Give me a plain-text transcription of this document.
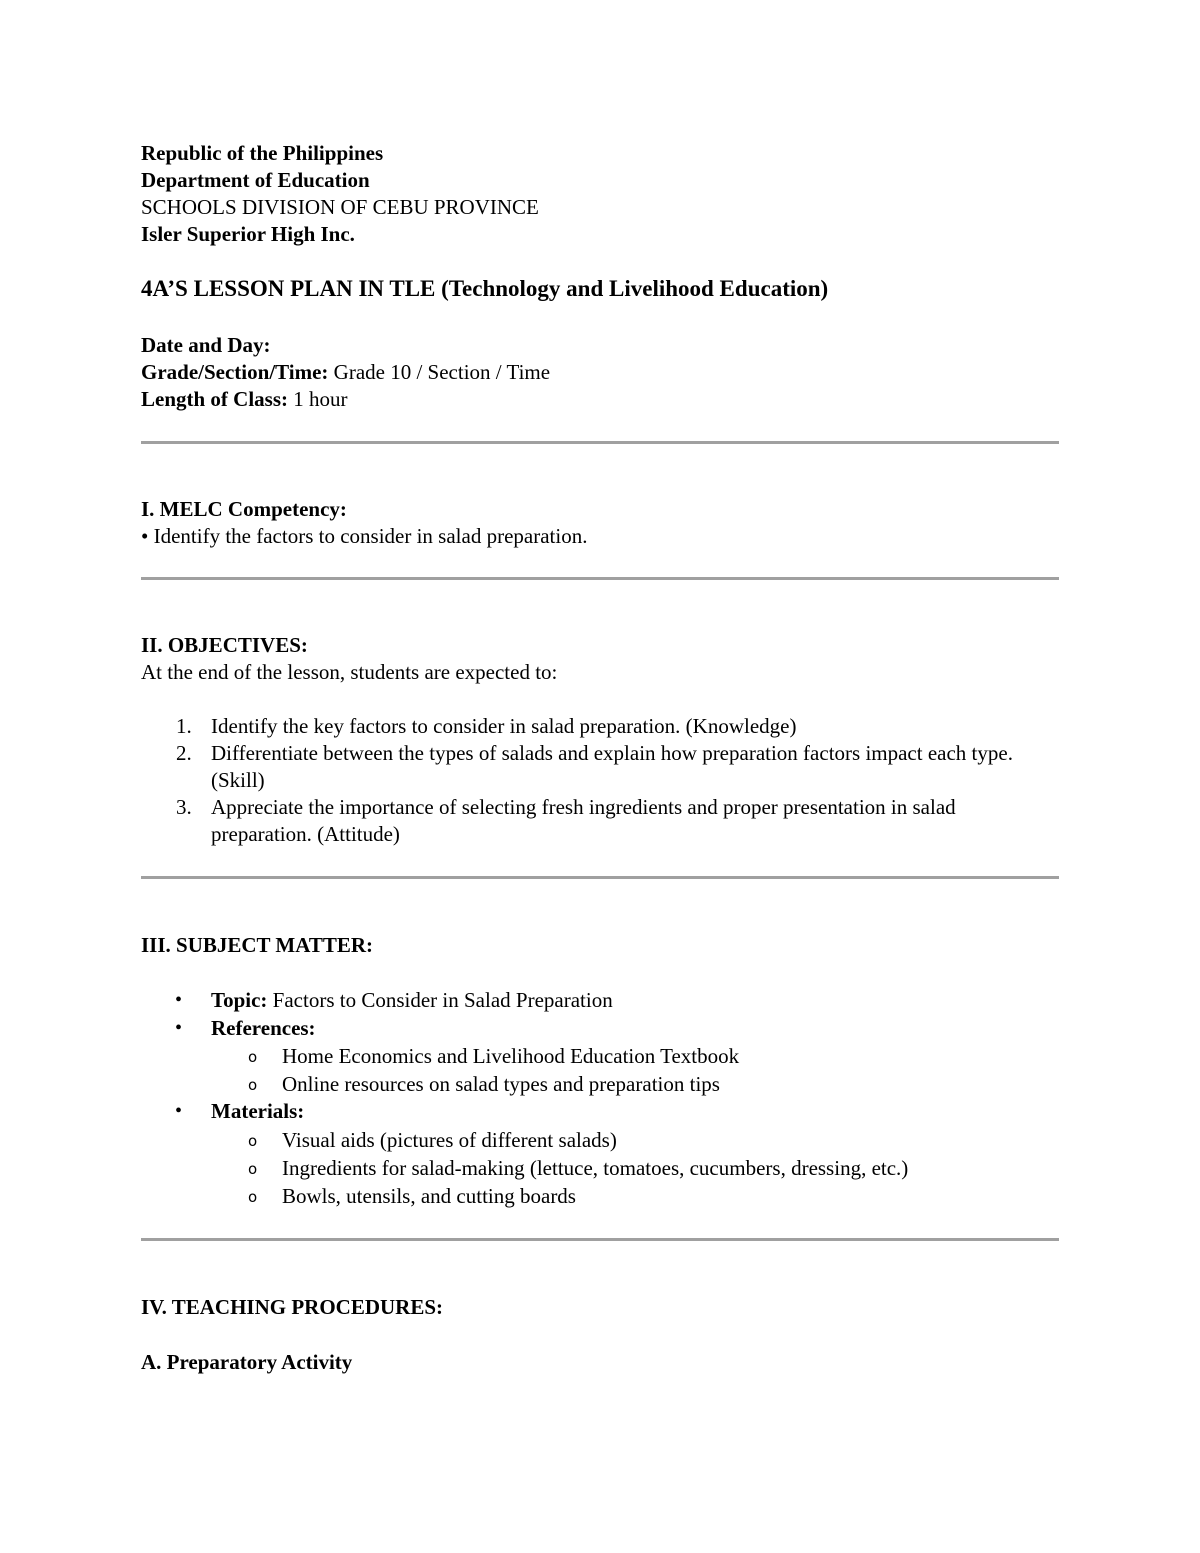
Republic of the Philippines

Department of Education

SCHOOLS DIVISION OF CEBU PROVINCE

Isler Superior High Inc.

4A’S LESSON PLAN IN TLE (Technology and Livelihood Education)

Date and Day:

Grade/Section/Time: Grade 10 / Section / Time

Length of Class: 1 hour

I. MELC Competency:

• Identify the factors to consider in salad preparation.

II. OBJECTIVES:

At the end of the lesson, students are expected to:

1. Identify the key factors to consider in salad preparation. (Knowledge)
2. Differentiate between the types of salads and explain how preparation factors impact each type. (Skill)
3. Appreciate the importance of selecting fresh ingredients and proper presentation in salad preparation. (Attitude)

III. SUBJECT MATTER:

• Topic: Factors to Consider in Salad Preparation
• References:
o Home Economics and Livelihood Education Textbook
o Online resources on salad types and preparation tips
• Materials:
o Visual aids (pictures of different salads)
o Ingredients for salad-making (lettuce, tomatoes, cucumbers, dressing, etc.)
o Bowls, utensils, and cutting boards

IV. TEACHING PROCEDURES:

A. Preparatory Activity
